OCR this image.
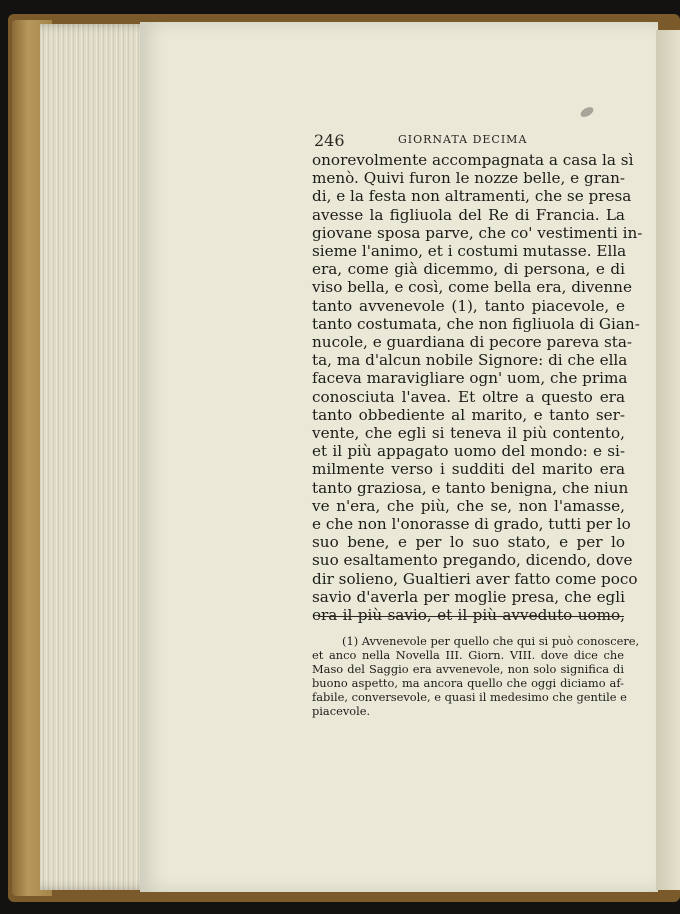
246	GIORNATA DECIMA
onorevolmente accompagnata a casa la sì
menò. Quivi furon le nozze belle, e gran-
di, e la festa non altramenti, che se presa
avesse la figliuola del Re di Francia. La
giovane sposa parve, che co' vestimenti in-
sieme l'animo, et i costumi mutasse. Ella
era, come già dicemmo, di persona, e di
viso bella, e così, come bella era, divenne
tanto avvenevole (1), tanto piacevole, e
tanto costumata, che non figliuola di Gian-
nucole, e guardiana di pecore pareva sta-
ta, ma d'alcun nobile Signore: di che ella
faceva maravigliare ogn' uom, che prima
conosciuta l'avea. Et oltre a questo era
tanto obbediente al marito, e tanto ser-
vente, che egli si teneva il più contento,
et il più appagato uomo del mondo: e si-
milmente verso i sudditi del marito era
tanto graziosa, e tanto benigna, che niun
ve n'era, che più, che se, non l'amasse,
e che non l'onorasse di grado, tutti per lo
suo bene, e per lo suo stato, e per lo
suo esaltamento pregando, dicendo, dove
dir solieno, Gualtieri aver fatto come poco
savio d'averla per moglie presa, che egli
era il più savio, et il più avveduto uomo,
(1) Avvenevole per quello che qui si può conoscere,
et anco nella Novella III. Giorn. VIII. dove dice che
Maso del Saggio era avvenevole, non solo significa di
buono aspetto, ma ancora quello che oggi diciamo af-
fabile, conversevole, e quasi il medesimo che gentile e
piacevole.
